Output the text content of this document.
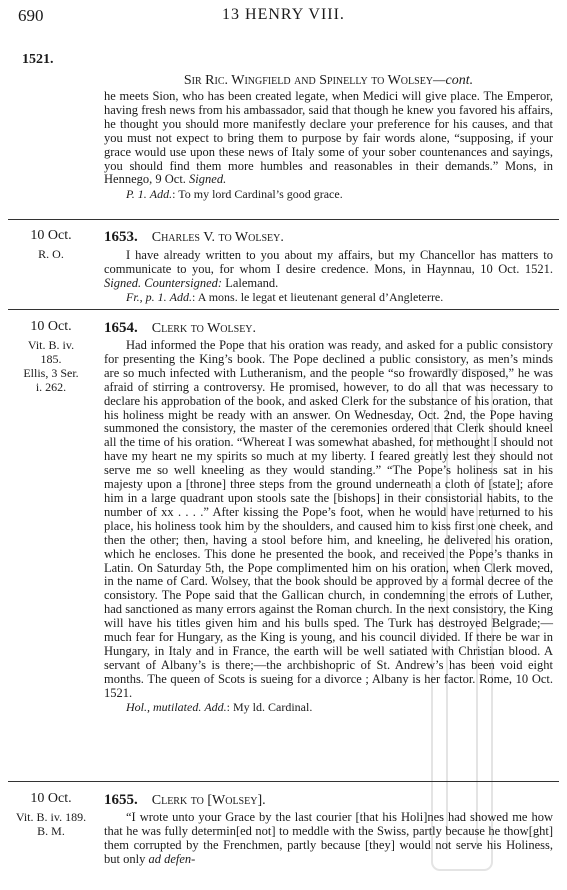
690	13 HENRY VIII.
1521.
Sir Ric. Wingfield and Spinelly to Wolsey—cont.

he meets Sion, who has been created legate, when Medici will give place. The Emperor, having fresh news from his ambassador, said that though he knew you favored his affairs, he thought you should more manifestly declare your preference for his causes, and that you must not expect to bring them to purpose by fair words alone, “supposing, if your grace would use upon these news of Italy some of your sober countenances and sayings, you should find them more humbles and reasonables in their demands.” Mons, in Hennego, 9 Oct. Signed.

P. 1. Add.: To my lord Cardinal’s good grace.

10 Oct.
R. O.
1653. Charles V. to Wolsey.

I have already written to you about my affairs, but my Chancellor has matters to communicate to you, for whom I desire credence. Mons, in Haynnau, 10 Oct. 1521. Signed. Countersigned: Lalemand.

Fr., p. 1. Add.: A mons. le legat et lieutenant general d’Angleterre.

10 Oct.
Vit. B. iv.
185.
Ellis, 3 Ser.
i. 262.
1654. Clerk to Wolsey.

Had informed the Pope that his oration was ready, and asked for a public consistory for presenting the King’s book. The Pope declined a public consistory, as men’s minds are so much infected with Lutheranism, and the people “so frowardly disposed,” he was afraid of stirring a controversy. He promised, however, to do all that was necessary to declare his approbation of the book, and asked Clerk for the substance of his oration, that his holiness might be ready with an answer. On Wednesday, Oct. 2nd, the Pope having summoned the consistory, the master of the ceremonies ordered that Clerk should kneel all the time of his oration. “Whereat I was somewhat abashed, for methought I should not have my heart ne my spirits so much at my liberty. I feared greatly lest they should not serve me so well kneeling as they would standing.” “The Pope’s holiness sat in his majesty upon a [throne] three steps from the ground underneath a cloth of [state]; afore him in a large quadrant upon stools sate the [bishops] in their consistorial habits, to the number of xx . . . .” After kissing the Pope’s foot, when he would have returned to his place, his holiness took him by the shoulders, and caused him to kiss first one cheek, and then the other; then, having a stool before him, and kneeling, he delivered his oration, which he encloses. This done he presented the book, and received the Pope’s thanks in Latin. On Saturday 5th, the Pope complimented him on his oration, when Clerk moved, in the name of Card. Wolsey, that the book should be approved by a formal decree of the consistory. The Pope said that the Gallican church, in condemning the errors of Luther, had sanctioned as many errors against the Roman church. In the next consistory, the King will have his titles given him and his bulls sped. The Turk has destroyed Belgrade;—much fear for Hungary, as the King is young, and his council divided. If there be war in Hungary, in Italy and in France, the earth will be well satiated with Christian blood. A servant of Albany’s is there;—the archbishopric of St. Andrew’s has been void eight months. The queen of Scots is sueing for a divorce ; Albany is her factor. Rome, 10 Oct. 1521.

Hol., mutilated. Add.: My ld. Cardinal.

10 Oct.
Vit. B. iv. 189.
B. M.
1655. Clerk to [Wolsey].

“I wrote unto your Grace by the last courier [that his Holi]nes had showed me how that he was fully determin[ed not] to meddle with the Swiss, partly because he thow[ght] them corrupted by the Frenchmen, partly because [they] would not serve his Holiness, but only ad defen-
